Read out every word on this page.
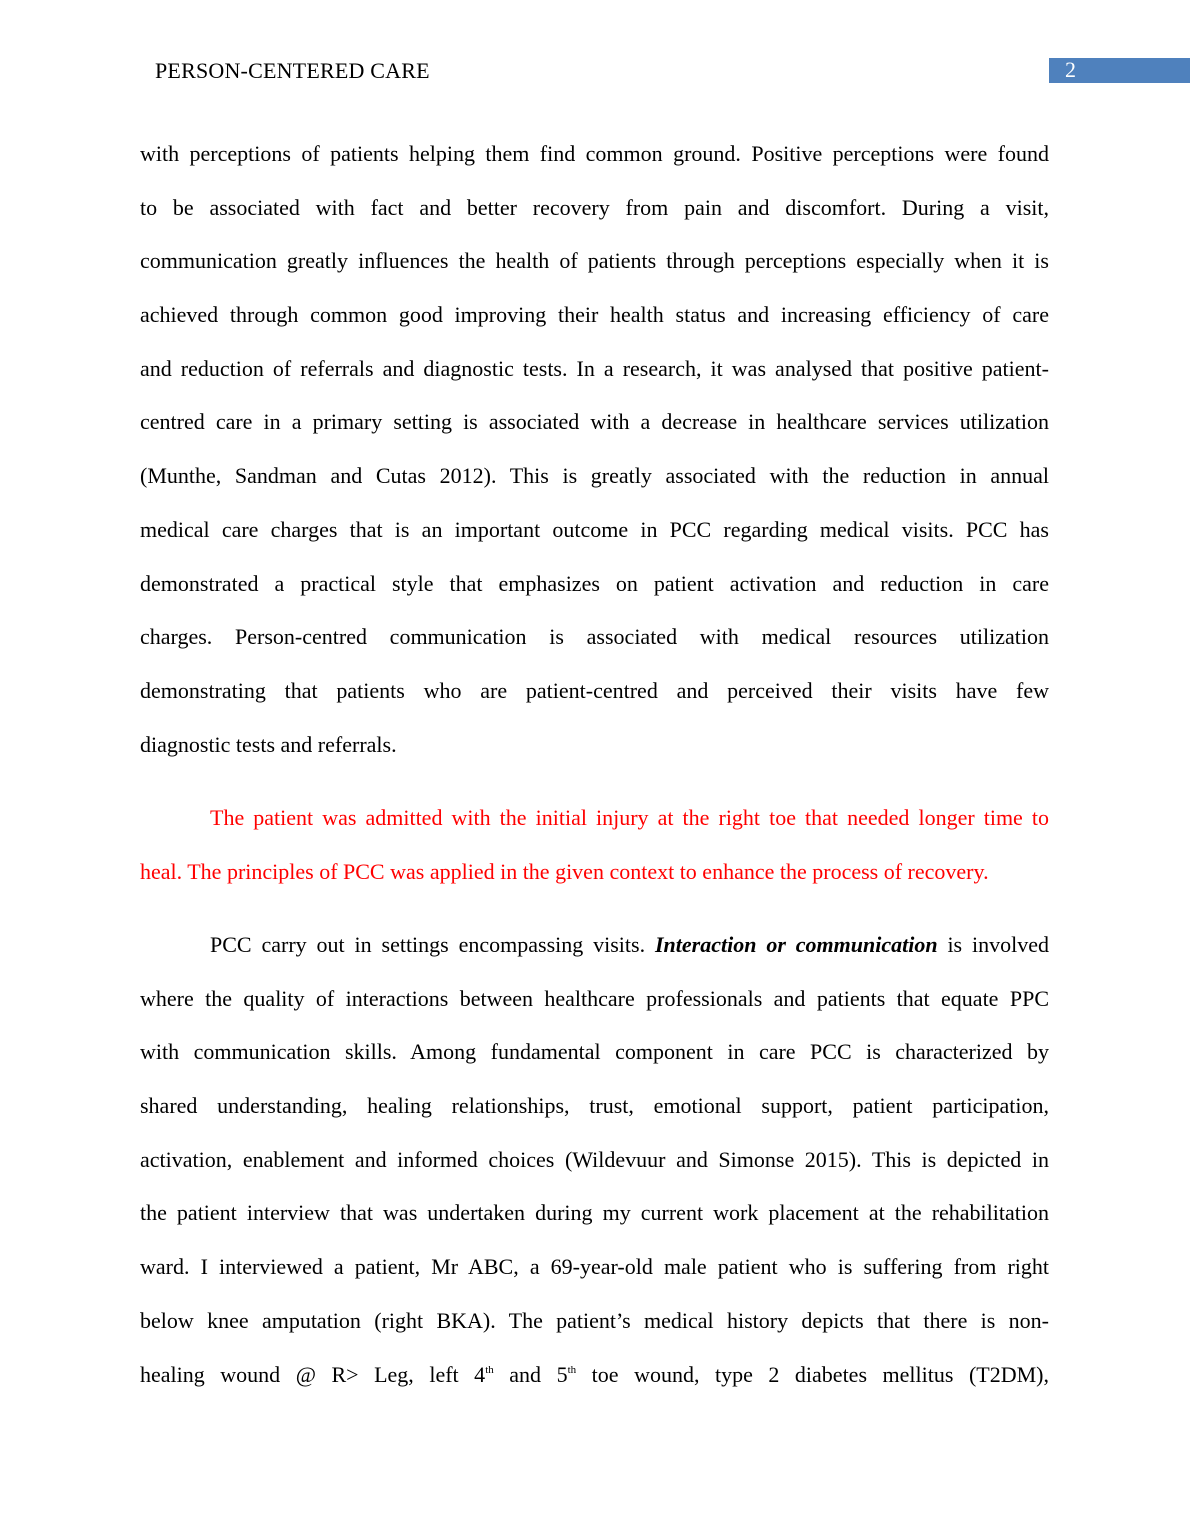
PERSON-CENTERED CARE	2
with perceptions of patients helping them find common ground. Positive perceptions were found
to be associated with fact and better recovery from pain and discomfort. During a visit,
communication greatly influences the health of patients through perceptions especially when it is
achieved through common good improving their health status and increasing efficiency of care
and reduction of referrals and diagnostic tests. In a research, it was analysed that positive patient-
centred care in a primary setting is associated with a decrease in healthcare services utilization
(Munthe, Sandman and Cutas 2012). This is greatly associated with the reduction in annual
medical care charges that is an important outcome in PCC regarding medical visits. PCC has
demonstrated a practical style that emphasizes on patient activation and reduction in care
charges. Person-centred communication is associated with medical resources utilization
demonstrating that patients who are patient-centred and perceived their visits have few
diagnostic tests and referrals.
The patient was admitted with the initial injury at the right toe that needed longer time to
heal. The principles of PCC was applied in the given context to enhance the process of recovery.
PCC carry out in settings encompassing visits. Interaction or communication is involved
where the quality of interactions between healthcare professionals and patients that equate PPC
with communication skills. Among fundamental component in care PCC is characterized by
shared understanding, healing relationships, trust, emotional support, patient participation,
activation, enablement and informed choices (Wildevuur and Simonse 2015). This is depicted in
the patient interview that was undertaken during my current work placement at the rehabilitation
ward. I interviewed a patient, Mr ABC, a 69-year-old male patient who is suffering from right
below knee amputation (right BKA). The patient’s medical history depicts that there is non-
healing wound @ R> Leg, left 4th and 5th toe wound, type 2 diabetes mellitus (T2DM),
